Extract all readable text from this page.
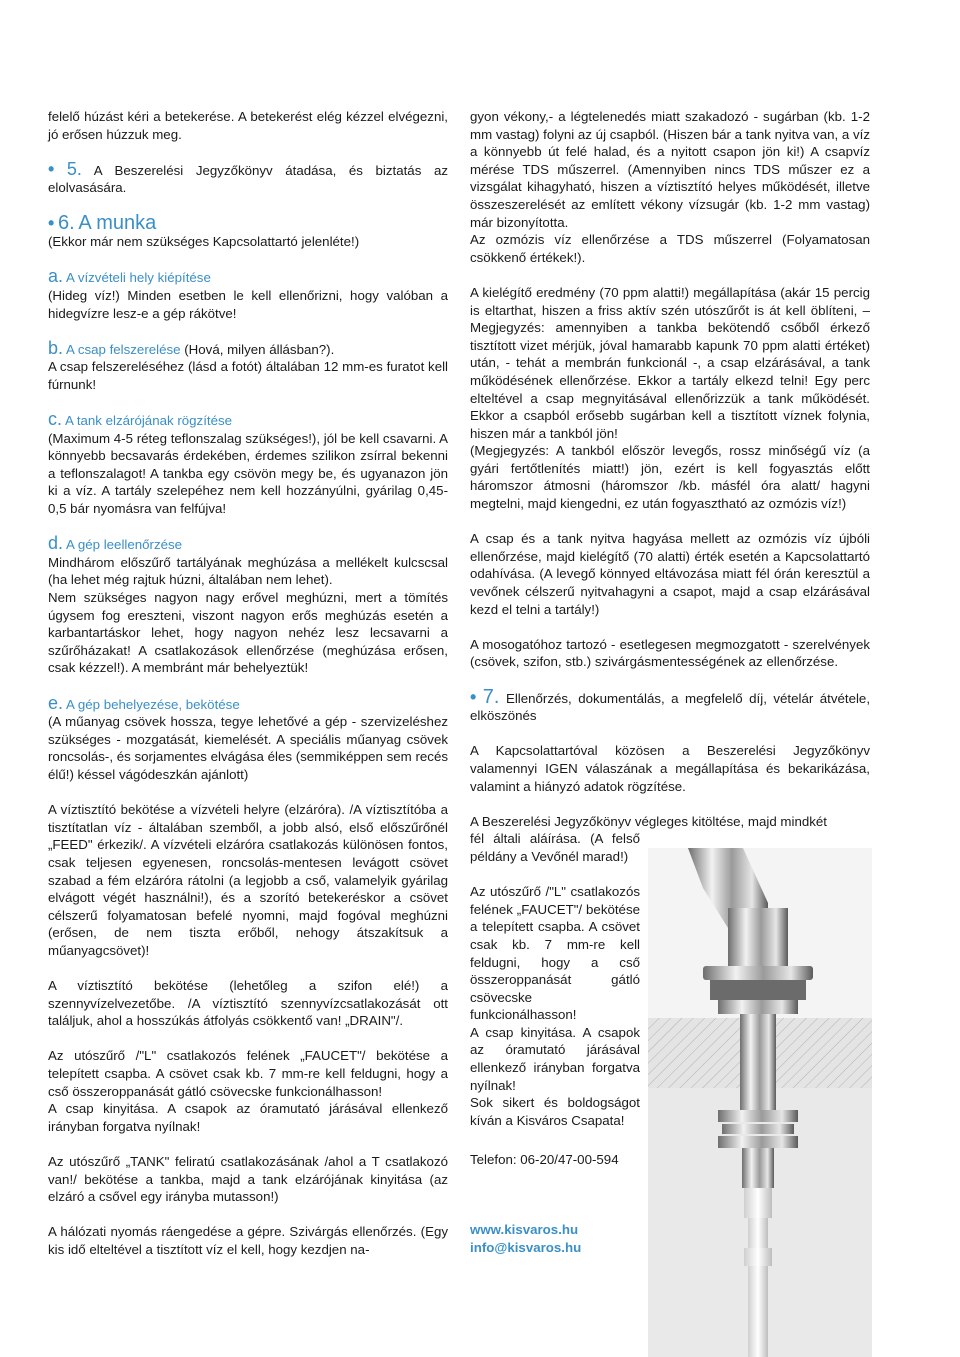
felelő húzást kéri a betekerése. A betekerést elég kézzel elvégezni, jó erősen húzzuk meg.

• 5. A Beszerelési Jegyzőkönyv átadása, és biztatás az elolvasására.

• 6. A munka

(Ekkor már nem szükséges Kapcsolattartó jelenléte!)

a. A vízvételi hely kiépítése

(Hideg víz!) Minden esetben le kell ellenőrizni, hogy valóban a hidegvízre lesz-e a gép rákötve!

b. A csap felszerelése (Hová, milyen állásban?).

A csap felszereléséhez (lásd a fotót) általában 12 mm-es furatot kell fúrnunk!

c. A tank elzárójának rögzítése

(Maximum 4-5 réteg teflonszalag szükséges!), jól be kell csavarni. A könnyebb becsavarás érdekében, érdemes szilikon zsírral bekenni a teflonszalagot! A tankba egy csövön megy be, és ugyanazon jön ki a víz. A tartály szelepéhez nem kell hozzányúlni, gyárilag 0,45-0,5 bár nyomásra van felfújva!

d. A gép leellenőrzése

Mindhárom előszűrő tartályának meghúzása a mellékelt kulcscsal (ha lehet még rajtuk húzni, általában nem lehet).

Nem szükséges nagyon nagy erővel meghúzni, mert a tömítés úgysem fog ereszteni, viszont nagyon erős meghúzás esetén a karbantartáskor lehet, hogy nagyon nehéz lesz lecsavarni a szűrőházakat! A csatlakozások ellenőrzése (meghúzása erősen, csak kézzel!). A membránt már behelyeztük!

e. A gép behelyezése, bekötése

(A műanyag csövek hossza, tegye lehetővé a gép - szervizeléshez szükséges - mozgatását, kiemelését. A speciális műanyag csövek roncsolás-, és sorjamentes elvágása éles (semmiképpen sem recés élű!) késsel vágódeszkán ajánlott)

A víztisztító bekötése a vízvételi helyre (elzárórа). /A víztisztítóba a tisztítatlan víz - általában szemből, a jobb alsó, első előszűrőnél „FEED" érkezik/. A vízvételi elzárórа csatlakozás különösen fontos, csak teljesen egyenesen, roncsolás-mentesen levágott csövet szabad a fém elzárórа rátolni (a legjobb a cső, valamelyik gyárilag elvágott végét használni!), és a szorító betekeréskor a csövet célszerű folyamatosan befelé nyomni, majd fogóval meghúzni (erősen, de nem tiszta erőből, nehogy átszakítsuk a műanyagcsövet)!

A víztisztító bekötése (lehetőleg a szifon elé!) a szennyvízelvezetőbe. /A víztisztító szennyvízcsatlakozását ott találjuk, ahol a hosszúkás átfolyás csökkentő van! „DRAIN"/.

Az utószűrő /"L" csatlakozós felének „FAUCET"/ bekötése a telepített csapba. A csövet csak kb. 7 mm-re kell feldugni, hogy a cső összeroppanását gátló csövecske funkcionálhasson!
A csap kinyitása. A csapok az óramutató járásával ellenkező irányban forgatva nyílnak!

Az utószűrő „TANK" feliratú csatlakozásának /ahol a T csatlakozó van!/ bekötése a tankba, majd a tank elzárójának kinyitása (az elzáró a csővel egy irányba mutasson!)

A hálózati nyomás ráengedése a gépre. Szivárgás ellenőrzés. (Egy kis idő elteltével a tisztított víz el kell, hogy kezdjen na-

gyon vékony,- a légtelenedés miatt szakadozó - sugárban (kb. 1-2 mm vastag) folyni az új csapból. (Hiszen bár a tank nyitva van, a víz a könnyebb út felé halad, és a nyitott csapon jön ki!) A csapvíz mérése TDS műszerrel. (Amennyiben nincs TDS műszer ez a vizsgálat kihagyható, hiszen a víztisztító helyes működését, illetve összeszerelését az említett vékony vízsugár (kb. 1-2 mm vastag) már bizonyította.
Az ozmózis víz ellenőrzése a TDS műszerrel (Folyamatosan csökkenő értékek!).

A kielégítő eredmény (70 ppm alatti!) megállapítása (akár 15 percig is eltarthat, hiszen a friss aktív szén utószűrőt is át kell öblíteni, – Megjegyzés: amennyiben a tankba bekötendő csőből érkező tisztított vizet mérjük, jóval hamarabb kapunk 70 ppm alatti értéket) után, - tehát a membrán funkcionál -, a csap elzárásával, a tank működésének ellenőrzése. Ekkor a tartály elkezd telni! Egy perc elteltével a csap megnyitásával ellenőrizzük a tank működését. Ekkor a csapból erősebb sugárban kell a tisztított víznek folynia, hiszen már a tankból jön!
(Megjegyzés: A tankból először levegős, rossz minőségű víz (a gyári fertőtlenítés miatt!) jön, ezért is kell fogyasztás előtt háromszor átmosni (háromszor /kb. másfél óra alatt/ hagyni megtelni, majd kiengedni, ez után fogyasztható az ozmózis víz!)

A csap és a tank nyitva hagyása mellett az ozmózis víz újbóli ellenőrzése, majd kielégítő (70 alatti) érték esetén a Kapcsolattartó odahívása. (A levegő könnyed eltávozása miatt fél órán keresztül a vevőnek célszerű nyitvahagyni a csapot, majd a csap elzárásával kezd el telni a tartály!)

A mosogatóhoz tartozó - esetlegesen megmozgatott - szerelvények (csövek, szifon, stb.) szivárgásmentességének az ellenőrzése.

• 7. Ellenőrzés, dokumentálás, a megfelelő díj, vételár átvétele, elköszönés

A Kapcsolattartóval közösen a Beszerelési Jegyzőkönyv valamennyi IGEN válaszának a megállapítása és bekarikázása, valamint a hiányzó adatok rögzítése.

A Beszerelési Jegyzőkönyv végleges kitöltése, majd mindkét

fél általi aláírása. (A felső példány a Vevőnél marad!)

Az utószűrő /"L" csatlakozós felének „FAUCET"/ bekötése a telepített csapba. A csövet csak kb. 7 mm-re kell feldugni, hogy a cső összeroppanását gátló csövecske funkcionálhasson!
A csap kinyitása. A csapok az óramutató járásával ellenkező irányban forgatva nyílnak!
Sok sikert és boldogságot kíván a Kisváros Csapata!

Telefon: 06-20/47-00-594

www.kisvaros.hu

info@kisvaros.hu
